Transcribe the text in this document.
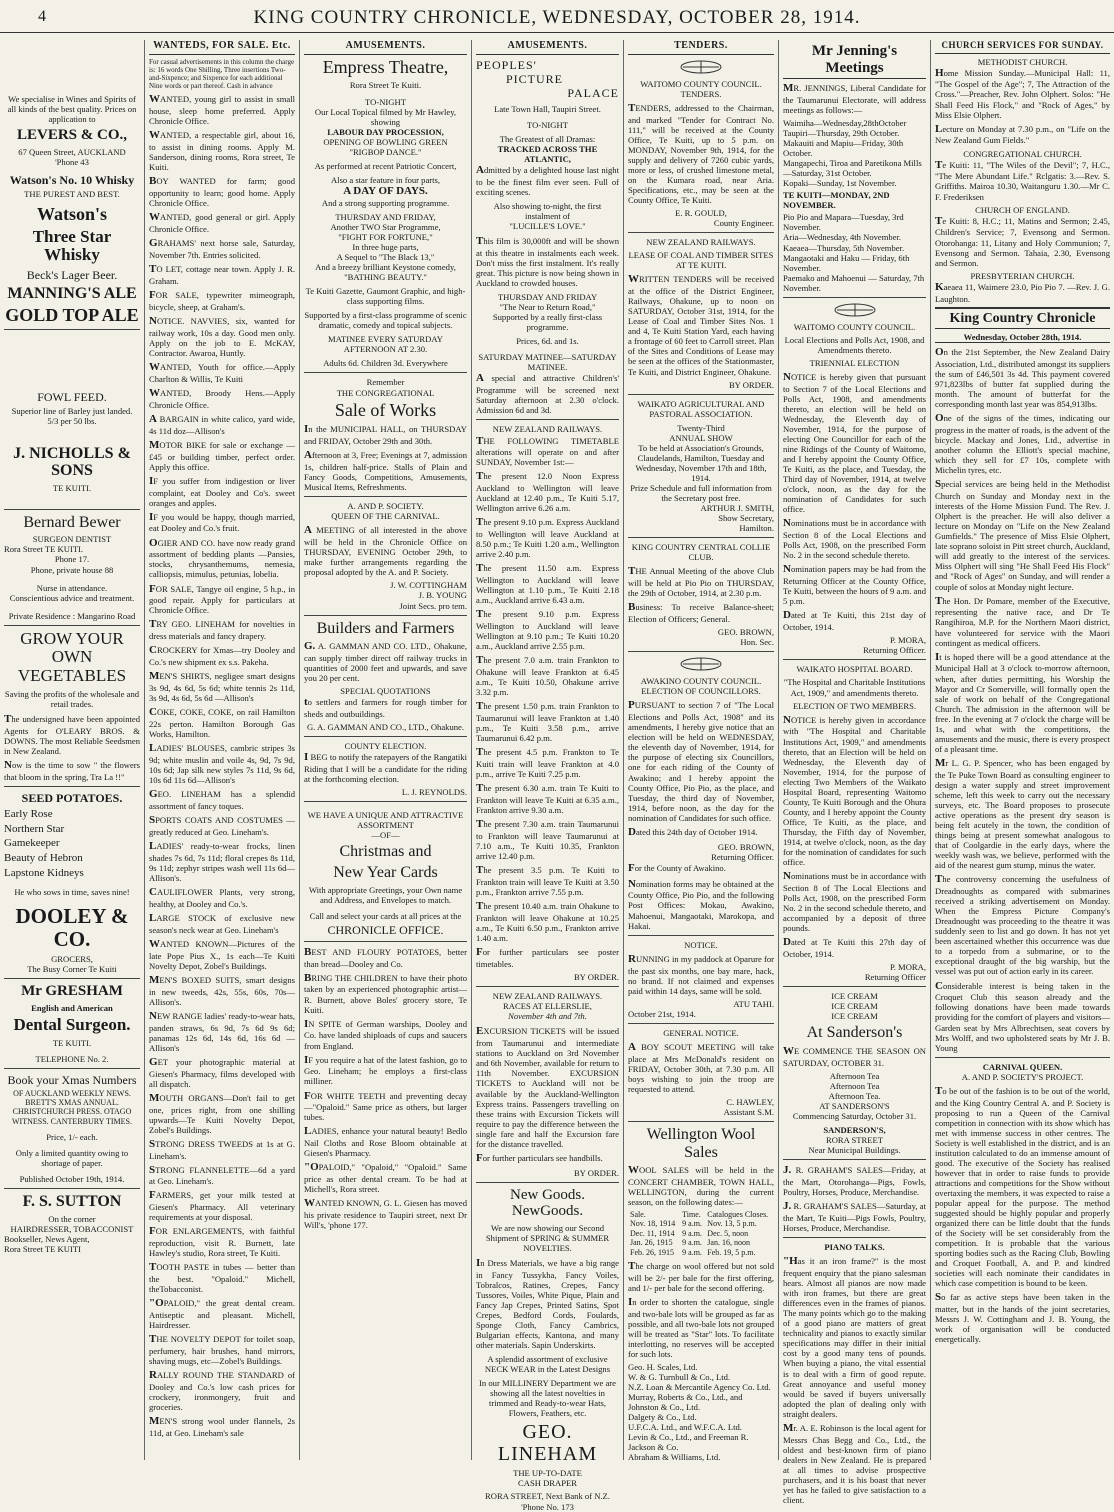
4	KING COUNTRY CHRONICLE, WEDNESDAY, OCTOBER 28, 1914.
We specialise in Wines and Spirits of all kinds of the best quality. Prices on application to
LEVERS & CO.,
67 Queen Street, AUCKLAND
'Phone 43
Watson's No. 10 Whisky
THE PUREST AND BEST.
Watson's
Three Star Whisky
Beck's Lager Beer.
MANNING'S ALE
GOLD TOP ALE
FOWL FEED.
Superior line of Barley just landed.
5/3 per 50 lbs.
J. NICHOLLS & SONS
TE KUITI.
Bernard Bewer
SURGEON DENTIST
Rora Street TE KUITI.
Phone 17.
Phone, private house 88
Nurse in attendance.
Conscientious advice and treatment.
Private Residence : Mangarino Road
GROW YOUR OWN VEGETABLES
Saving the profits of the wholesale and retail trades.
The undersigned have been appointed Agents for O'LEARY BROS. & DOWNS. The most Reliable Seedsmen in New Zealand.
Now is the time to sow " the flowers that bloom in the spring, Tra La !!"
SEED POTATOES.
Early Rose
Northern Star
Gamekeeper
Beauty of Hebron
Lapstone Kidneys
He who sows in time, saves nine!
DOOLEY & CO.
GROCERS,
The Busy Corner Te Kuiti
Mr GRESHAM
English and American
Dental Surgeon.
TE KUITI.
TELEPHONE No. 2.
Book your Xmas Numbers
OF AUCKLAND WEEKLY NEWS. BRETT'S XMAS ANNUAL. CHRISTCHURCH PRESS. OTAGO WITNESS. CANTERBURY TIMES.
Price, 1/- each.
Only a limited quantity owing to shortage of paper.
Published October 19th, 1914.
F. S. SUTTON
On the corner
HAIRDRESSER, TOBACCONIST
Bookseller, News Agent,
Rora Street TE KUITI
WANTEDS, FOR SALE. Etc.
For casual advertisements in this column the charge is: 16 words One Shilling, Three insertions Two-and-Sixpence; and Sixpence for each additional Nine words or part thereof. Cash in advance
WANTED, young girl to assist in small house, sleep home preferred. Apply Chronicle Office.
WANTED, a respectable girl, about 16, to assist in dining rooms. Apply M. Sanderson, dining rooms, Rora street, Te Kuiti.
BOY WANTED for farm; good opportunity to learn; good home. Apply Chronicle Office.
WANTED, good general or girl. Apply Chronicle Office.
GRAHAMS' next horse sale, Saturday, November 7th. Entries solicited.
TO LET, cottage near town. Apply J. R. Graham.
FOR SALE, typewriter mimeograph, bicycle, sheep, at Graham's.
NOTICE. NAVVIES, six, wanted for railway work, 10s a day. Good men only. Apply on the job to E. McKAY, Contractor. Awaroa, Huntly.
WANTED, Youth for office.—Apply Charlton & Willis, Te Kuiti
WANTED, Broody Hens.—Apply Chronicle Office.
A BARGAIN in white calico, yard wide, 4s 11d doz—Allison's
MOTOR BIKE for sale or exchange —£45 or building timber, perfect order. Apply this office.
IF you suffer from indigestion or liver complaint, eat Dooley and Co's. sweet oranges and apples.
IF you would be happy, though married, eat Dooley and Co.'s fruit.
OGIER AND CO. have now ready grand assortment of bedding plants —Pansies, stocks, chrysanthemums, nemesia, calliopsis, mimulus, petunias, lobelia.
FOR SALE, Tangye oil engine, 5 h.p., in good repair. Apply for particulars at Chronicle Office.
TRY GEO. LINEHAM for novelties in dress materials and fancy drapery.
CROCKERY for Xmas—try Dooley and Co.'s new shipment ex s.s. Pakeha.
MEN'S SHIRTS, negligee smart designs 3s 9d, 4s 6d, 5s 6d; white tennis 2s 11d, 3s 9d, 4s 6d, 5s 6d —Allison's
COKE, COKE, COKE, on rail Hamilton 22s perton. Hamilton Borough Gas Works, Hamilton.
LADIES' BLOUSES, cambric stripes 3s 9d; white muslin and voile 4s, 9d, 7s 9d, 10s 6d; Jap silk new styles 7s 11d, 9s 6d, 10s 6d 11s 6d—Allison's
GEO. LINEHAM has a splendid assortment of fancy toques.
SPORTS COATS AND COSTUMES —greatly reduced at Geo. Lineham's.
LADIES' ready-to-wear frocks, linen shades 7s 6d, 7s 11d; floral crepes 8s 11d, 9s 11d; zephyr stripes wash well 11s 6d—Allison's.
CAULIFLOWER Plants, very strong, healthy, at Dooley and Co.'s.
LARGE STOCK of exclusive new season's neck wear at Geo. Lineham's
WANTED KNOWN—Pictures of the late Pope Pius X., 1s each—Te Kuiti Novelty Depot, Zobel's Buildings.
MEN'S BOXED SUITS, smart designs in new tweeds, 42s, 55s, 60s, 70s—Allison's.
NEW RANGE ladies' ready-to-wear hats, panden straws, 6s 9d, 7s 6d 9s 6d; panamas 12s 6d, 14s 6d, 16s 6d —Allison's
GET your photographic material at Giesen's Pharmacy, films developed with all dispatch.
MOUTH ORGANS—Don't fail to get one, prices right, from one shilling upwards—Te Kuiti Novelty Depot, Zobel's Buildings.
STRONG DRESS TWEEDS at 1s at G. Lineham's.
STRONG FLANNELETTE—6d a yard at Geo. Lineham's.
FARMERS, get your milk tested at Giesen's Pharmacy. All veterinary requirements at your disposal.
FOR ENLARGEMENTS, with faithful reproduction, visit R. Burnett, late Hawley's studio, Rora street, Te Kuiti.
TOOTH PASTE in tubes — better than the best. "Opaloid." Michell, theTobacconist.
"OPALOID," the great dental cream. Antiseptic and pleasant. Michell, Hairdresser.
THE NOVELTY DEPOT for toilet soap, perfumery, hair brushes, hand mirrors, shaving mugs, etc—Zobel's Buildings.
RALLY ROUND THE STANDARD of Dooley and Co.'s low cash prices for crockery, ironmongery, fruit and groceries.
MEN'S strong wool under flannels, 2s 11d, at Geo. Lineham's sale
AMUSEMENTS.
Empress Theatre,
Rora Street Te Kuiti.
TO-NIGHT
Our Local Topical filmed by Mr Hawley, showing
LABOUR DAY PROCESSION,
OPENING OF BOWLING GREEN
"RIGBOP DANCE."
As performed at recent Patriotic Concert,
Also a star feature in four parts,
A DAY OF DAYS.
And a strong supporting programme.
THURSDAY AND FRIDAY,
Another TWO Star Programme,
"FIGHT FOR FORTUNE,"
In three huge parts,
A Sequel to "The Black 13,"
And a breezy brilliant Keystone comedy,
"BATHING BEAUTY."
Te Kuiti Gazette, Gaumont Graphic, and high-class supporting films.
Supported by a first-class programme of scenic dramatic, comedy and topical subjects.
MATINEE EVERY SATURDAY AFTERNOON AT 2.30.
Adults 6d. Children 3d. Everywhere
Remember
THE CONGREGATIONAL
Sale of Works
In the MUNICIPAL HALL, on THURSDAY and FRIDAY, October 29th and 30th.
Afternoon at 3, Free; Evenings at 7, admission 1s, children half-price. Stalls of Plain and Fancy Goods, Competitions, Amusements, Musical Items, Refreshments.
A. AND P. SOCIETY.
QUEEN OF THE CARNIVAL.
A MEETING of all interested in the above will be held in the Chronicle Office on THURSDAY, EVENING October 29th, to make further arrangements regarding the proposal adopted by the A. and P. Society.
J. W. COTTINGHAM
J. B. YOUNG
Joint Secs. pro tem.
Builders and Farmers
G. A. GAMMAN AND CO. LTD., Ohakune, can supply timber direct off railway trucks in quantities of 2000 feet and upwards, and save you 20 per cent.
SPECIAL QUOTATIONS
to settlers and farmers for rough timber for sheds and outbuildings.
G. A. GAMMAN AND CO., LTD., Ohakune.
COUNTY ELECTION.
I BEG to notify the ratepayers of the Rangatiki Riding that I will be a candidate for the riding at the forthcoming election.
L. J. REYNOLDS.
WE HAVE A UNIQUE AND ATTRACTIVE ASSORTMENT
—OF—
Christmas and
New Year Cards
With appropriate Greetings, your Own name and Address, and Envelopes to match.
Call and select your cards at all prices at the
CHRONICLE OFFICE.
BEST AND FLOURY POTATOES, better than bread—Dooley and Co.
BRING THE CHILDREN to have their photo taken by an experienced photographic artist—R. Burnett, above Boles' grocery store, Te Kuiti.
IN SPITE of German warships, Dooley and Co. have landed shiploads of cups and saucers from England.
IF you require a hat of the latest fashion, go to Geo. Lineham; he employs a first-class milliner.
FOR WHITE TEETH and preventing decay—"Opaloid." Same price as others, but larger tubes.
LADIES, enhance your natural beauty! Bedlo Nail Cloths and Rose Bloom obtainable at Giesen's Pharmacy.
"OPALOID," "Opaloid," "Opaloid." Same price as other dental cream. To be had at Michell's, Rora street.
WANTED KNOWN, G. L. Giesen has moved his private residence to Taupiri street, next Dr Will's, 'phone 177.
AMUSEMENTS.
PEOPLES'
PICTURE
PALACE
Late Town Hall, Taupiri Street.
TO-NIGHT
The Greatest of all Dramas:
TRACKED ACROSS THE ATLANTIC,
Admitted by a delighted house last night to be the finest film ever seen. Full of exciting scenes.
Also showing to-night, the first instalment of
"LUCILLE'S LOVE."
This film is 30,000ft and will be shown at this theatre in instalments each week. Don't miss the first instalment. It's really great. This picture is now being shown in Auckland to crowded houses.
THURSDAY AND FRIDAY
"The Near to Return Road,"
Supported by a really first-class programme.
Prices, 6d. and 1s.
SATURDAY MATINEE—SATURDAY MATINEE.
A special and attractive Children's' Programme will be screened next Saturday afternoon at 2.30 o'clock. Admission 6d and 3d.
NEW ZEALAND RAILWAYS.
THE FOLLOWING TIMETABLE alterations will operate on and after SUNDAY, November 1st:—
The present 12.0 Noon Express Auckland to Wellington will leave Auckland at 12.40 p.m., Te Kuiti 5.17, Wellington arrive 6.26 a.m.
The present 9.10 p.m. Express Auckland to Wellington will leave Auckland at 8.50 p.m.; Te Kuiti 1.20 a.m., Wellington arrive 2.40 p.m.
The present 11.50 a.m. Express Wellington to Auckland will leave Wellington at 1.10 p.m., Te Kuiti 2.18 a.m., Auckland arrive 6.43 a.m.
The present 9.10 p.m. Express Wellington to Auckland will leave Wellington at 9.10 p.m.; Te Kuiti 10.20 a.m., Auckland arrive 2.55 p.m.
The present 7.0 a.m. train Frankton to Ohakune will leave Frankton at 6.45 a.m., Te Kuiti 10.50, Ohakune arrive 3.32 p.m.
The present 1.50 p.m. train Frankton to Taumarunui will leave Frankton at 1.40 p.m., Te Kuiti 3.58 p.m., arrive Taumarunui 6.42 p.m.
The present 4.5 p.m. Frankton to Te Kuiti train will leave Frankton at 4.0 p.m., arrive Te Kuiti 7.25 p.m.
The present 6.30 a.m. train Te Kuiti to Frankton will leave Te Kuiti at 6.35 a.m., Frankton arrive 9.30 a.m.
The present 7.30 a.m. train Taumarunui to Frankton will leave Taumarunui at 7.10 a.m., Te Kuiti 10.35, Frankton arrive 12.40 p.m.
The present 3.5 p.m. Te Kuiti to Frankton train will leave Te Kuiti at 3.50 p.m., Frankton arrive 7.55 p.m.
The present 10.40 a.m. train Ohakune to Frankton will leave Ohakune at 10.25 a.m., Te Kuiti 6.50 p.m., Frankton arrive 1.40 a.m.
For further particulars see poster timetables.
BY ORDER.
NEW ZEALAND RAILWAYS.
RACES AT ELLERSLIE,
November 4th and 7th.
EXCURSION TICKETS will be issued from Taumarunui and intermediate stations to Auckland on 3rd November and 6th November, available for return to 11th November. EXCURSION TICKETS to Auckland will not be available by the Auckland-Wellington Express trains. Passengers travelling on these trains with Excursion Tickets will require to pay the difference between the single fare and half the Excursion fare for the distance travelled.
For further particulars see handbills.
BY ORDER.
New Goods. NewGoods.
We are now showing our Second Shipment of SPRING & SUMMER NOVELTIES.
In Dress Materials, we have a big range in Fancy Tussykha, Fancy Voiles, Tobralcos, Ratines, Crepes, Fancy Tussores, Voiles, White Pique, Plain and Fancy Jap Crepes, Printed Satins, Spot Crepes, Bedford Cords, Foulards, Sponge Cloth, Fancy Cambrics, Bulgarian effects, Kantona, and many other materials. Sapin Underskirts.
A splendid assortment of exclusive NECK WEAR in the Latest Designs
In our MILLINERY Department we are showing all the latest novelties in trimmed and Ready-to-wear Hats, Flowers, Feathers, etc.
GEO. LINEHAM
THE UP-TO-DATE
CASH DRAPER
RORA STREET, Next Bank of N.Z. 'Phone No. 173
TENDERS.
WAITOMO COUNTY COUNCIL.
TENDERS.
TENDERS, addressed to the Chairman, and marked "Tender for Contract No. 111," will be received at the County Office, Te Kuiti, up to 5 p.m. on MONDAY, November 9th, 1914, for the supply and delivery of 7260 cubic yards, more or less, of crushed limestone metal, on the Kumara road, near Aria. Specifications, etc., may be seen at the County Office, Te Kuiti.
E. R. GOULD,
County Engineer.
NEW ZEALAND RAILWAYS.
LEASE OF COAL AND TIMBER SITES AT TE KUITI.
WRITTEN TENDERS will be received at the office of the District Engineer, Railways, Ohakune, up to noon on SATURDAY, October 31st, 1914, for the Lease of Coal and Timber Sites Nos. 1 and 4, Te Kuiti Station Yard, each having a frontage of 60 feet to Carroll street. Plan of the Sites and Conditions of Lease may be seen at the offices of the Stationmaster, Te Kuiti, and District Engineer, Ohakune.
BY ORDER.
WAIKATO AGRICULTURAL AND PASTORAL ASSOCIATION.
Twenty-Third
ANNUAL SHOW
To be held at Association's Grounds, Claudelands, Hamilton, Tuesday and Wednesday, November 17th and 18th, 1914.
Prize Schedule and full information from the Secretary post free.
ARTHUR J. SMITH,
Show Secretary,
Hamilton.
KING COUNTRY CENTRAL COLLIE CLUB.
THE Annual Meeting of the above Club will be held at Pio Pio on THURSDAY, the 29th of October, 1914, at 2.30 p.m.
Business: To receive Balance-sheet; Election of Officers; General.
GEO. BROWN,
Hon. Sec.
AWAKINO COUNTY COUNCIL.
ELECTION OF COUNCILLORS.
PURSUANT to section 7 of "The Local Elections and Polls Act, 1908" and its amendments, I hereby give notice that an election will be held on WEDNESDAY, the eleventh day of November, 1914, for the purpose of electing six Councillors, one for each riding of the County of Awakino; and I hereby appoint the County Office, Pio Pio, as the place, and Tuesday, the third day of November, 1914, before noon, as the day for the nomination of Candidates for such office.
Dated this 24th day of October 1914.
GEO. BROWN,
Returning Officer.
For the County of Awakino.
Nomination forms may be obtained at the County Office, Pio Pio, and the following Post Offices: Mokau, Awakino, Mahoenui, Mangaotaki, Marokopa, and Hakai.
NOTICE.
RUNNING in my paddock at Oparure for the past six months, one bay mare, hack, no brand. If not claimed and expenses paid within 14 days, same will be sold.
ATU TAHI.
October 21st, 1914.
GENERAL NOTICE.
A BOY SCOUT MEETING will take place at Mrs McDonald's resident on FRIDAY, October 30th, at 7.30 p.m. All boys wishing to join the troop are requested to attend.
C. HAWLEY,
Assistant S.M.
Wellington Wool Sales
WOOL SALES will be held in the CONCERT CHAMBER, TOWN HALL, WELLINGTON, during the current season, on the following dates:—
Sale.	Time.	Catalogues Closes.
Nov. 18, 1914	9 a.m.	Nov. 13, 5 p.m.
Dec. 11, 1914	9 a.m.	Dec. 5, noon
Jan. 26, 1915	9 a.m.	Jan. 16, noon
Feb. 26, 1915	9 a.m.	Feb. 19, 5 p.m.
The charge on wool offered but not sold will be 2/- per bale for the first offering, and 1/- per bale for the second offering.
In order to shorten the catalogue, single and two-bale lots will be grouped as far as possible, and all two-bale lots not grouped will be treated as "Star" lots. To facilitate interlotting, no reserves will be accepted for such lots.
Geo. H. Scales, Ltd.
W. & G. Turnbull & Co., Ltd.
N.Z. Loan & Mercantile Agency Co. Ltd.
Murray, Roberts & Co., Ltd., and Johnston & Co., Ltd.
Dalgety & Co., Ltd.
U.F.C.A. Ltd., and W.F.C.A. Ltd.
Levin & Co., Ltd., and Freeman R. Jackson & Co.
Abraham & Williams, Ltd.
Mr Jenning's Meetings
MR. JENNINGS, Liberal Candidate for the Taumarunui Electorate, will address meetings as follows:—
Waimiha—Wednesday,28thOctober
Taupiri—Thursday, 29th October.
Makauiti and Mapiu—Friday, 30th October.
Mangapechi, Tiroa and Paretikona Mills—Saturday, 31st October.
Kopaki—Sunday, 1st November.
TE KUITI—MONDAY, 2ND NOVEMBER.
Pio Pio and Mapara—Tuesday, 3rd November.
Aria—Wednesday, 4th November.
Kaeaea—Thursday, 5th November.
Mangaotaki and Haku — Friday, 6th November.
Paemako and Mahoenui — Saturday, 7th November.
WAITOMO COUNTY COUNCIL.
Local Elections and Polls Act, 1908, and Amendments thereto.
TRIENNIAL ELECTION
NOTICE is hereby given that pursuant to Section 7 of the Local Elections and Polls Act, 1908, and amendments thereto, an election will be held on Wednesday, the Eleventh day of November, 1914, for the purpose of electing One Councillor for each of the nine Ridings of the County of Waitomo, and I hereby appoint the County Office, Te Kuiti, as the place, and Tuesday, the Third day of November, 1914, at twelve o'clock, noon, as the day for the nomination of Candidates for such office.
Nominations must be in accordance with Section 8 of the Local Elections and Polls Act, 1908, on the prescribed Form No. 2 in the second schedule thereto.
Nomination papers may be had from the Returning Officer at the County Office, Te Kuiti, between the hours of 9 a.m. and 5 p.m.
Dated at Te Kuiti, this 21st day of October, 1914.
P. MORA,
Returning Officer.
WAIKATO HOSPITAL BOARD.
"The Hospital and Charitable Institutions Act, 1909," and amendments thereto.
ELECTION OF TWO MEMBERS.
NOTICE is hereby given in accordance with "The Hospital and Charitable Institutions Act, 1909," and amendments thereto, that an Election will be held on Wednesday, the Eleventh day of November, 1914, for the purpose of electing Two Members of the Waikato Hospital Board, representing Waitomo County, Te Kuiti Borough and the Ohura County, and I hereby appoint the County Office, Te Kuiti, as the place, and Thursday, the Fifth day of November, 1914, at twelve o'clock, noon, as the day for the nomination of candidates for such office.
Nominations must be in accordance with Section 8 of The Local Elections and Polls Act, 1908, on the prescribed Form No. 2 in the second schedule thereto, and accompanied by a deposit of three pounds.
Dated at Te Kuiti this 27th day of October, 1914.
P. MORA,
Returning Officer
ICE CREAM
ICE CREAM
ICE CREAM
At Sanderson's
WE COMMENCE THE SEASON ON SATURDAY, OCTOBER 31.
Afternoon Tea
Afternoon Tea
Afternoon Tea.
AT SANDERSON'S
Commencing Saturday, October 31.
SANDERSON'S,
RORA STREET
Near Municipal Buildings.
J. R. GRAHAM'S SALES—Friday, at the Mart, Otorohanga—Pigs, Fowls, Poultry, Horses, Produce, Merchandise.
J. R. GRAHAM'S SALES—Saturday, at the Mart, Te Kuiti—Pigs Fowls, Poultry, Horses, Produce, Merchandise.
PIANO TALKS.
"Has it an iron frame?" is the most frequent enquiry that the piano salesman hears. Almost all pianos are now made with iron frames, but there are great differences even in the frames of pianos. The many points which go to the making of a good piano are matters of great technicality and pianos to exactly similar specifications may differ in their initial cost by a good many tens of pounds. When buying a piano, the vital essential is to deal with a firm of good repute. Great annoyance and useful money would be saved if buyers universally adopted the plan of dealing only with straight dealers.
Mr. A. E. Robinson is the local agent for Messrs Chas Begg and Co., Ltd., the oldest and best-known firm of piano dealers in New Zealand. He is prepared at all times to advise prospective purchasers, and it is his boast that never yet has he failed to give satisfaction to a client.
CHURCH SERVICES FOR SUNDAY.
METHODIST CHURCH.
Home Mission Sunday.—Municipal Hall: 11, "The Gospel of the Age"; 7, The Attraction of the Cross."—Preacher, Rev. John Olphert. Solos: "He Shall Feed His Flock," and "Rock of Ages," by Miss Elsie Olphert.
Lecture on Monday at 7.30 p.m., on "Life on the New Zealand Gum Fields."
CONGREGATIONAL CHURCH.
Te Kuiti: 11, "The Wiles of the Devil"; 7, H.C., "The Mere Abundant Life." Rclgatis: 3.—Rev. S. Griffiths. Mairoa 10.30, Waitanguru 1.30.—Mr C. F. Frederiksen
CHURCH OF ENGLAND.
Te Kuiti: 8, H.C.; 11, Matins and Sermon; 2.45, Children's Service; 7, Evensong and Sermon. Otorohanga: 11, Litany and Holy Communion; 7, Evensong and Sermon. Tahaia, 2.30, Evensong and Sermon.
PRESBYTERIAN CHURCH.
Kaeaea 11, Waimere 23.0, Pio Pio 7. —Rev. J. G. Laughton.
King Country Chronicle
Wednesday, October 28th, 1914.
On the 21st September, the New Zealand Dairy Association, Ltd., distributed amongst its suppliers the sum of £46,501 3s 4d. This payment covered 971,823lbs of butter fat supplied during the month. The amount of butterfat for the corresponding month last year was 854,913lbs.
One of the signs of the times, indicating our progress in the matter of roads, is the advent of the bicycle. Mackay and Jones, Ltd., advertise in another column the Elliott's special machine, which they sell for £7 10s, complete with Michelin tyres, etc.
Special services are being held in the Methodist Church on Sunday and Monday next in the interests of the Home Mission Fund. The Rev. J. Olphert is the preacher. He will also deliver a lecture on Monday on "Life on the New Zealand Gumfields." The presence of Miss Elsie Olphert, late soprano soloist in Pitt street church, Auckland, will add greatly to the interest of the services. Miss Olphert will sing "He Shall Feed His Flock" and "Rock of Ages" on Sunday, and will render a couple of solos at Monday night lecture.
The Hon. Dr Pomare, member of the Executive, representing the native race, and Dr Te Rangihiroa, M.P. for the Northern Maori district, have volunteered for service with the Maori contingent as medical officers.
It is hoped there will be a good attendance at the Municipal Hall at 3 o'clock to-morrow afternoon, when, after duties permitting, his Worship the Mayor and Cr Somerville, will formally open the sale of work on behalf of the Congregational Church. The admission in the afternoon will be free. In the evening at 7 o'clock the charge will be 1s, and what with the competitions, the amusements and the music, there is every prospect of a pleasant time.
Mr L. G. P. Spencer, who has been engaged by the Te Puke Town Board as consulting engineer to design a water supply and street improvement scheme, left this week to carry out the necessary surveys, etc. The Board proposes to prosecute active operations as the present dry season is being felt acutely in the town, the condition of things being at present somewhat analogous to that of Coolgardie in the early days, where the weekly wash was, we believe, performed with the aid of the nearest gum stump, minus the water.
The controversy concerning the usefulness of Dreadnoughts as compared with submarines received a striking advertisement on Monday. When the Empress Picture Company's Dreadnought was proceeding to the theatre it was suddenly seen to list and go down. It has not yet been ascertained whether this occurrence was due to a torpedo from a submarine, or to the exceptional draught of the big warship, but the vessel was put out of action early in its career.
Considerable interest is being taken in the Croquet Club this season already and the following donations have been made towards providing for the comfort of players and visitors—Garden seat by Mrs Albrechtsen, seat covers by Mrs Wolff, and two upholstered seats by Mr J. B. Young
CARNIVAL QUEEN.
A. AND P. SOCIETY'S PROJECT.
To be out of the fashion is to be out of the world, and the King Country Central A. and P. Society is proposing to run a Queen of the Carnival competition in connection with its show which has met with immense success in other centres. The Society is well established in the district, and is an institution calculated to do an immense amount of good. The executive of the Society has realised however that in order to raise funds to provide attractions and competitions for the Show without overtaxing the members, it was expected to raise a popular appeal for the purpose. The method suggested should be highly popular and properly organized there can be little doubt that the funds of the Society will be set considerably from the competition. It is probable that the various sporting bodies such as the Racing Club, Bowling and Croquet Football, A. and P. and kindred societies will each nominate their candidates in which case competition is bound to be keen.
So far as active steps have been taken in the matter, but in the hands of the joint secretaries, Messrs J. W. Cottingham and J. B. Young, the work of organisation will be conducted energetically.
